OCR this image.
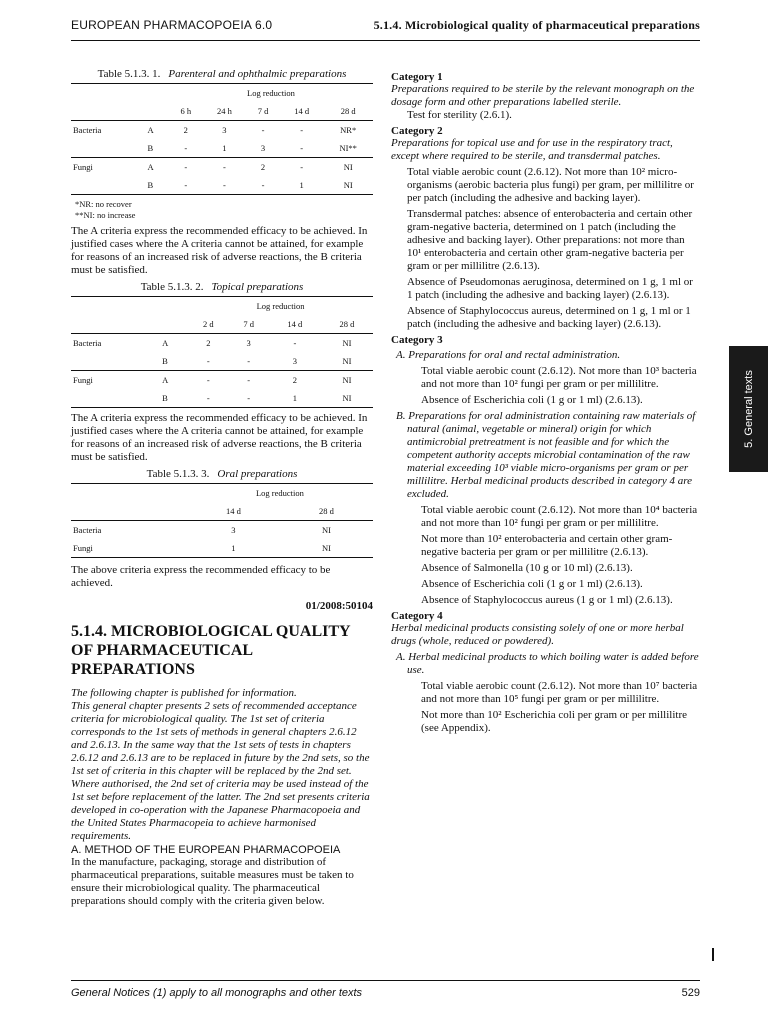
EUROPEAN PHARMACOPOEIA 6.0	5.1.4. Microbiological quality of pharmaceutical preparations
Table 5.1.3. 1. Parenteral and ophthalmic preparations
		Log reduction				
		6 h	24 h	7 d	14 d	28 d
Bacteria	A	2	3	-	-	NR*
	B	-	1	3	-	NI**
Fungi	A	-	-	2	-	NI
	B	-	-	-	1	NI
*NR: no recover
**NI: no increase

The A criteria express the recommended efficacy to be achieved. In justified cases where the A criteria cannot be attained, for example for reasons of an increased risk of adverse reactions, the B criteria must be satisfied.

Table 5.1.3. 2. Topical preparations
		Log reduction			
		2 d	7 d	14 d	28 d
Bacteria	A	2	3	-	NI
	B	-	-	3	NI
Fungi	A	-	-	2	NI
	B	-	-	1	NI

The A criteria express the recommended efficacy to be achieved. In justified cases where the A criteria cannot be attained, for example for reasons of an increased risk of adverse reactions, the B criteria must be satisfied.

Table 5.1.3. 3. Oral preparations
	Log reduction	
	14 d	28 d
Bacteria	3	NI
Fungi	1	NI

The above criteria express the recommended efficacy to be achieved.

01/2008:50104
5.1.4. MICROBIOLOGICAL QUALITY OF PHARMACEUTICAL PREPARATIONS

The following chapter is published for information.

This general chapter presents 2 sets of recommended acceptance criteria for microbiological quality. The 1st set of criteria corresponds to the 1st sets of methods in general chapters 2.6.12 and 2.6.13. In the same way that the 1st sets of tests in chapters 2.6.12 and 2.6.13 are to be replaced in future by the 2nd sets, so the 1st set of criteria in this chapter will be replaced by the 2nd set. Where authorised, the 2nd set of criteria may be used instead of the 1st set before replacement of the latter. The 2nd set presents criteria developed in co-operation with the Japanese Pharmacopoeia and the United States Pharmacopeia to achieve harmonised requirements.

A. METHOD OF THE EUROPEAN PHARMACOPOEIA

In the manufacture, packaging, storage and distribution of pharmaceutical preparations, suitable measures must be taken to ensure their microbiological quality. The pharmaceutical preparations should comply with the criteria given below.

Category 1

Preparations required to be sterile by the relevant monograph on the dosage form and other preparations labelled sterile.

Test for sterility (2.6.1).

Category 2

Preparations for topical use and for use in the respiratory tract, except where required to be sterile, and transdermal patches.

Total viable aerobic count (2.6.12). Not more than 10² micro-organisms (aerobic bacteria plus fungi) per gram, per millilitre or per patch (including the adhesive and backing layer).

Transdermal patches: absence of enterobacteria and certain other gram-negative bacteria, determined on 1 patch (including the adhesive and backing layer). Other preparations: not more than 10¹ enterobacteria and certain other gram-negative bacteria per gram or per millilitre (2.6.13).

Absence of Pseudomonas aeruginosa, determined on 1 g, 1 ml or 1 patch (including the adhesive and backing layer) (2.6.13).

Absence of Staphylococcus aureus, determined on 1 g, 1 ml or 1 patch (including the adhesive and backing layer) (2.6.13).

Category 3

A. Preparations for oral and rectal administration.

Total viable aerobic count (2.6.12). Not more than 10³ bacteria and not more than 10² fungi per gram or per millilitre.

Absence of Escherichia coli (1 g or 1 ml) (2.6.13).

B. Preparations for oral administration containing raw materials of natural (animal, vegetable or mineral) origin for which antimicrobial pretreatment is not feasible and for which the competent authority accepts microbial contamination of the raw material exceeding 10³ viable micro-organisms per gram or per millilitre. Herbal medicinal products described in category 4 are excluded.

Total viable aerobic count (2.6.12). Not more than 10⁴ bacteria and not more than 10² fungi per gram or per millilitre.

Not more than 10² enterobacteria and certain other gram-negative bacteria per gram or per millilitre (2.6.13).

Absence of Salmonella (10 g or 10 ml) (2.6.13).

Absence of Escherichia coli (1 g or 1 ml) (2.6.13).

Absence of Staphylococcus aureus (1 g or 1 ml) (2.6.13).

Category 4

Herbal medicinal products consisting solely of one or more herbal drugs (whole, reduced or powdered).

A. Herbal medicinal products to which boiling water is added before use.

Total viable aerobic count (2.6.12). Not more than 10⁷ bacteria and not more than 10⁵ fungi per gram or per millilitre.

Not more than 10² Escherichia coli per gram or per millilitre (see Appendix).

5. General texts
General Notices (1) apply to all monographs and other texts	529
